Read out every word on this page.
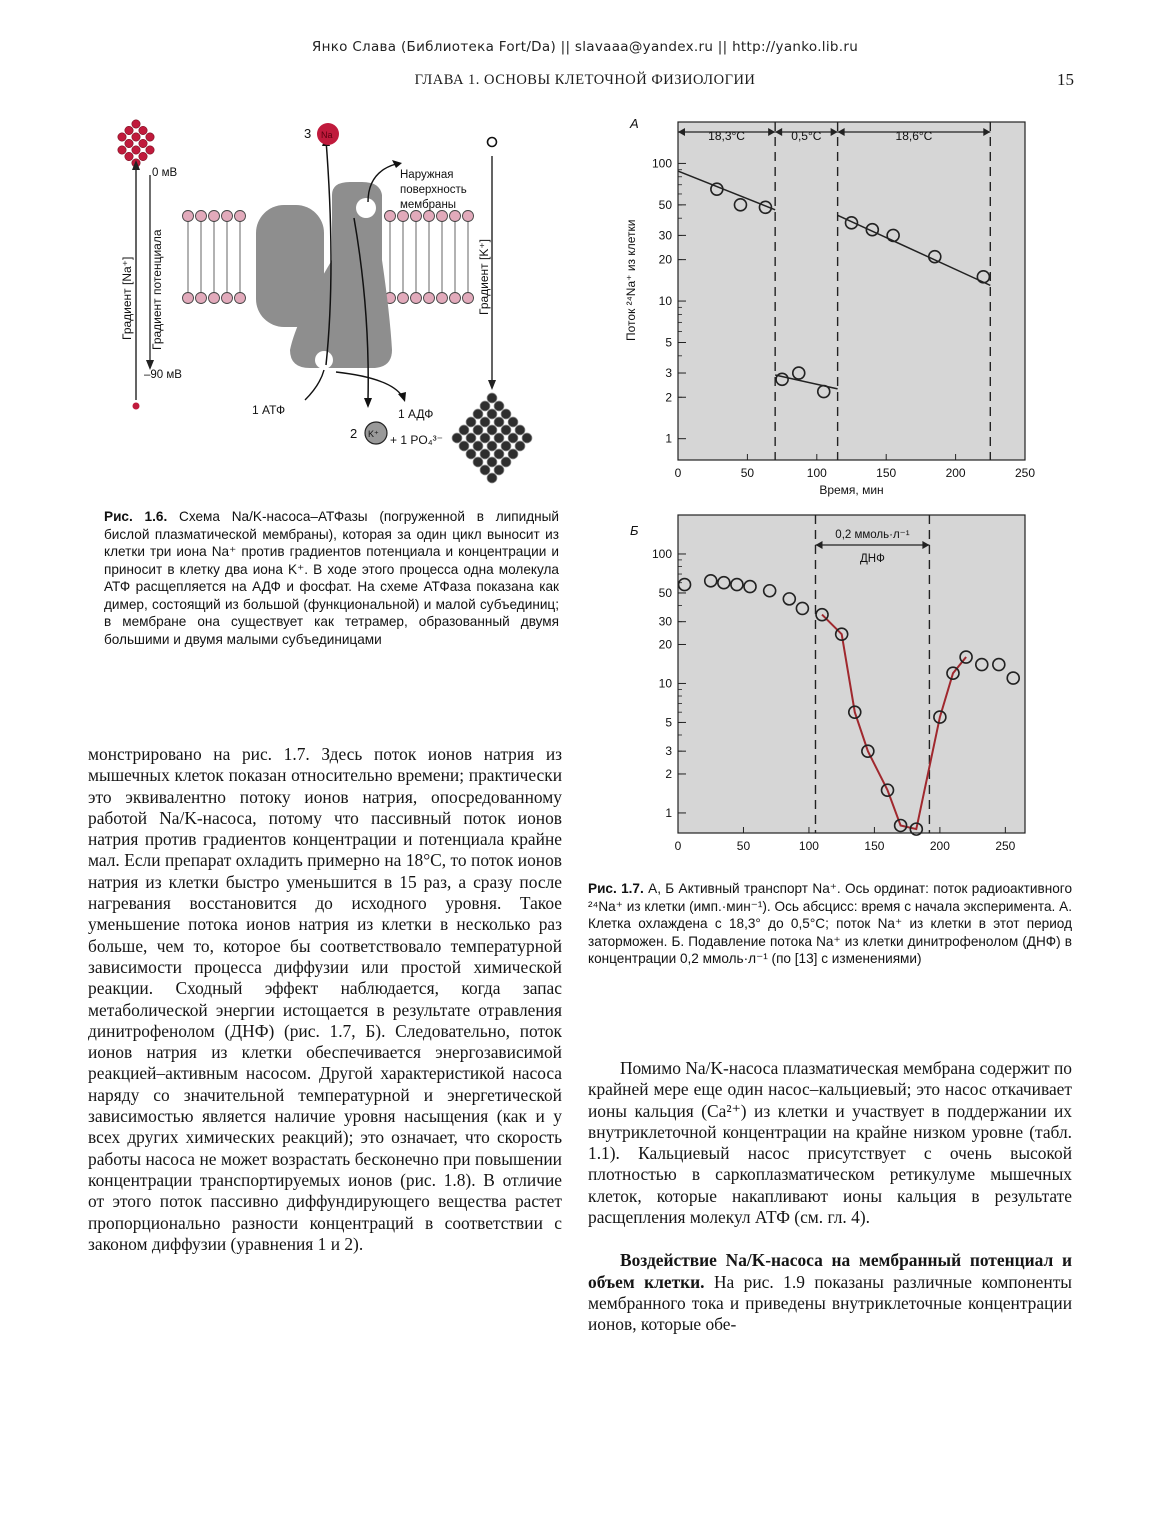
Янко Слава (Библиотека Fort/Da) || slavaaa@yandex.ru || http://yanko.lib.ru
ГЛАВА 1. ОСНОВЫ КЛЕТОЧНОЙ ФИЗИОЛОГИИ	15
Градиент [Na⁺] Градиент потенциала
0 мВ
–90 мВ
3 Na
Наружная
поверхность
мембраны
1 АТФ	1 АДФ
2 K⁺ + 1 PO₄³⁻
Градиент [K⁺]
Рис. 1.6. Схема Na/K-насоса–АТФазы (погруженной в липидный бислой плазматической мембраны), которая за один цикл выносит из клетки три иона Na⁺ против градиентов потенциала и концентрации и приносит в клетку два иона K⁺. В ходе этого процесса одна молекула АТФ расщепляется на АДФ и фосфат. На схеме АТФаза показана как димер, состоящий из большой (функциональной) и малой субъединиц; в мембране она существует как тетрамер, образованный двумя большими и двумя малыми субъединицами
0	50	100	150	200	250
1
2
3
5
10
20
30
50
100
А
18,3°С	0,5°С	18,6°С
Поток ²⁴Na⁺ из клетки
Время, мин
0	50	100	150	200	250
1
2
3
5
10
20
30
50
100
Б	0,2 ммоль·л⁻¹
ДНФ
Рис. 1.7. А, Б Активный транспорт Na⁺. Ось ординат: поток радиоактивного ²⁴Na⁺ из клетки (имп.·мин⁻¹). Ось абсцисс: время с начала эксперимента. А. Клетка охлаждена с 18,3° до 0,5°С; поток Na⁺ из клетки в этот период заторможен. Б. Подавление потока Na⁺ из клетки динитрофенолом (ДНФ) в концентрации 0,2 ммоль·л⁻¹ (по [13] с изменениями)

монстрировано на рис. 1.7. Здесь поток ионов натрия из мышечных клеток показан относительно времени; практически это эквивалентно потоку ионов натрия, опосредованному работой Na/K-насоса, потому что пассивный поток ионов натрия против градиентов концентрации и потенциала крайне мал. Если препарат охладить примерно на 18°С, то поток ионов натрия из клетки быстро уменьшится в 15 раз, а сразу после нагревания восстановится до исходного уровня. Такое уменьшение потока ионов натрия из клетки в несколько раз больше, чем то, которое бы соответствовало температурной зависимости процесса диффузии или простой химической реакции. Сходный эффект наблюдается, когда запас метаболической энергии истощается в результате отравления динитрофенолом (ДНФ) (рис. 1.7, Б). Следовательно, поток ионов натрия из клетки обеспечивается энергозависимой реакцией–активным насосом. Другой характеристикой насоса наряду со значительной температурной и энергетической зависимостью является наличие уровня насыщения (как и у всех других химических реакций); это означает, что скорость работы насоса не может возрастать бесконечно при повышении концентрации транспортируемых ионов (рис. 1.8). В отличие от этого поток пассивно диффундирующего вещества растет пропорционально разности концентраций в соответствии с законом диффузии (уравнения 1 и 2).

Помимо Na/K-насоса плазматическая мембрана содержит по крайней мере еще один насос–кальциевый; это насос откачивает ионы кальция (Ca²⁺) из клетки и участвует в поддержании их внутриклеточной концентрации на крайне низком уровне (табл. 1.1). Кальциевый насос присутствует с очень высокой плотностью в саркоплазматическом ретикулуме мышечных клеток, которые накапливают ионы кальция в результате расщепления молекул АТФ (см. гл. 4).

Воздействие Na/K-насоса на мембранный потенциал и объем клетки. На рис. 1.9 показаны различные компоненты мембранного тока и приведены внутриклеточные концентрации ионов, которые обе-
